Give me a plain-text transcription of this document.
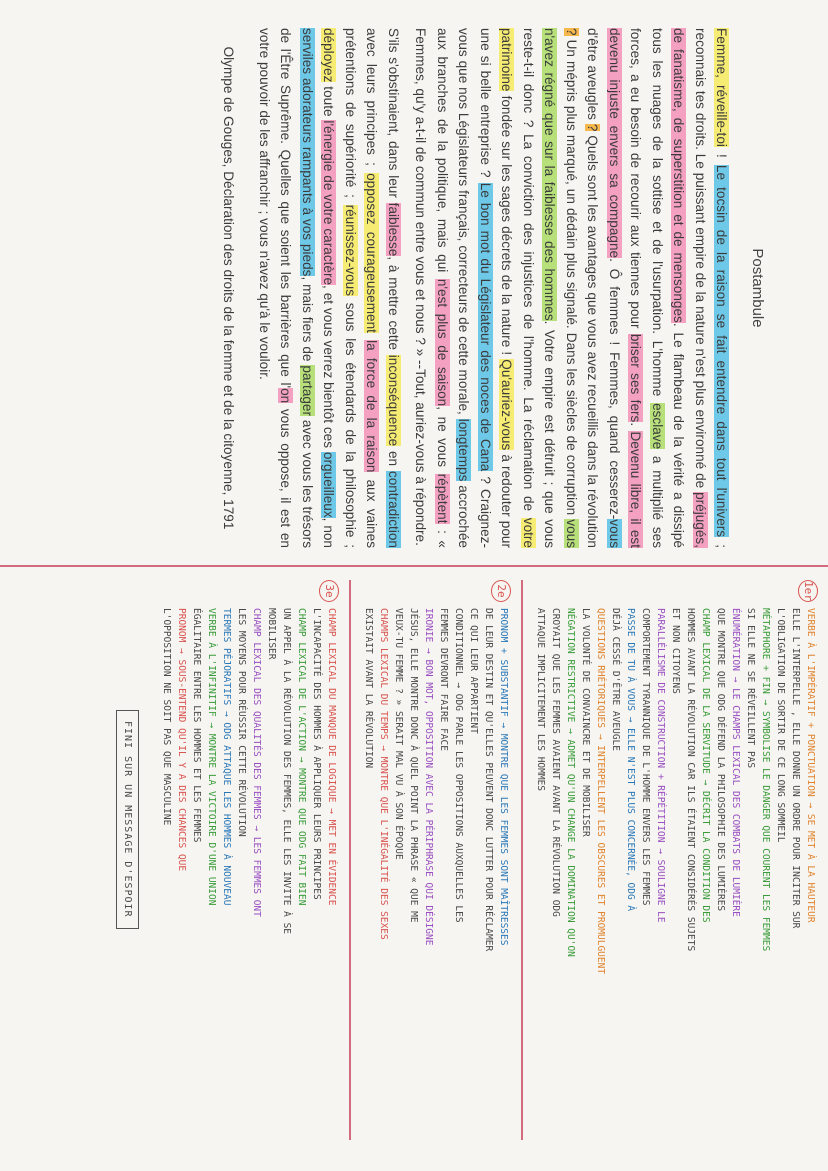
Postambule

Femme, réveille-toi ! Le tocsin de la raison se fait entendre dans tout l'univers ; reconnais tes droits. Le puissant empire de la nature n'est plus environné de préjugés, de fanatisme, de superstition et de mensonges. Le flambeau de la vérité a dissipé tous les nuages de la sottise et de l'usurpation. L'homme esclave a multiplié ses forces, a eu besoin de recourir aux tiennes pour briser ses fers. Devenu libre, il est devenu injuste envers sa compagne. Ô femmes ! Femmes, quand cesserez-vous d'être aveugles ? Quels sont les avantages que vous avez recueillis dans la révolution ? Un mépris plus marqué, un dédain plus signalé. Dans les siècles de corruption vous n'avez régné que sur la faiblesse des hommes. Votre empire est détruit ; que vous reste-t-il donc ? La conviction des injustices de l'homme. La réclamation de votre patrimoine fondée sur les sages décrets de la nature ! Qu'auriez-vous à redouter pour une si belle entreprise ? Le bon mot du Législateur des noces de Cana ? Craignez-vous que nos Législateurs français, correcteurs de cette morale, longtemps accrochée aux branches de la politique, mais qui n'est plus de saison, ne vous répètent : « Femmes, qu'y a-t-il de commun entre vous et nous ? » --Tout, auriez-vous à répondre.

S'ils s'obstinaient, dans leur faiblesse, à mettre cette inconséquence en contradiction avec leurs principes ; opposez courageusement la force de la raison aux vaines prétentions de supériorité ; réunissez-vous sous les étendards de la philosophie ; déployez toute l'énergie de votre caractère, et vous verrez bientôt ces orgueilleux, non serviles adorateurs rampants à vos pieds, mais fiers de partager avec vous les trésors de l'Être Suprême. Quelles que soient les barrières que l'on vous oppose, il est en votre pouvoir de les affranchir ; vous n'avez qu'à le vouloir.

Olympe de Gouges, Déclaration des droits de la femme et de la citoyenne, 1791

1er
VERBE À L'IMPÉRATIF + PONCTUATION → SE MET À LA HAUTEUR
ELLE L'INTERPELLE , ELLE DONNE UN ORDRE POUR INCITER SUR
L'OBLIGATION DE SORTIR DE CE LONG SOMMEIL
MÉTAPHORE + FIN → SYMBOLISE LE DANGER QUE COURENT LES FEMMES
SI ELLE NE SE RÉVEILLENT PAS
ÉNUMÉRATION → LE CHAMPS LEXICAL DES COMBATS DE LUMIÈRE
QUE MONTRE QUE ODG DÉFEND LA PHILOSOPHIE DES LUMIÈRES
CHAMP LEXICAL DE LA SERVITUDE → DÉCRIT LA CONDITION DES
HOMMES AVANT LA RÉVOLUTION CAR ILS ÉTAIENT CONSIDÉRÉS SUJETS
ET NON CITOYENS
PARALLÉLISME DE CONSTRUCTION + RÉPÉTITION → SOULIGNE LE
COMPORTEMENT TYRANNIQUE DE L'HOMME ENVERS LES FEMMES
PASSE DE TU À VOUS → ELLE N'EST PLUS CONCERNÉE, ODG À
DÉJÀ CESSÉ D'ÊTRE AVEUGLE
QUESTIONS RHÉTORIQUES → INTERPELLENT LES OBSCURES ET PROMULGUENT
LA VOLONTÉ DE CONVAINCRE ET DE MOBILISER
NÉGATION RESTRICTIVE → ADMET QU'UN CHANGE LA DOMINATION QU'ON
CROYAIT QUE LES FEMMES AVAIENT AVANT LA RÉVOLUTION ODG
ATTAQUE IMPLICITEMENT LES HOMMES
2e
PRONOM + SUBSTANTIF → MONTRE QUE LES FEMMES SONT MAÎTRESSES
DE LEUR DESTIN ET QU'ELLES PEUVENT DONC LUTTER POUR RÉCLAMER
CE QUI LEUR APPARTIENT
CONDITIONNEL → ODG PARLE LES OPPOSITIONS AUXQUELLES LES
FEMMES DEVRONT FAIRE FACE
IRONIE → BON MOT, OPPOSITION AVEC LA PÉRIPHRASE QUI DÉSIGNE
JÉSUS, ELLE MONTRE DONC À QUEL POINT LA PHRASE « QUE ME
VEUX-TU FEMME ? » SERAIT MAL VU À SON ÉPOQUE
CHAMPS LEXICAL DU TEMPS → MONTRE QUE L'INÉGALITÉ DES SEXES
EXISTAIT AVANT LA RÉVOLUTION
3e
CHAMP LEXICAL DU MANQUE DE LOGIQUE → MET EN ÉVIDENCE
L'INCAPACITÉ DES HOMMES À APPLIQUER LEURS PRINCIPES
CHAMP LEXICAL DE L'ACTION → MONTRE QUE ODG FAIT BIEN
UN APPEL À LA RÉVOLUTION DES FEMMES, ELLE LES INVITE À SE
MOBILISER
CHAMP LEXICAL DES QUALITÉS DES FEMMES → LES FEMMES ONT
LES MOYENS POUR RÉUSSIR CETTE RÉVOLUTION
TERMES PÉJORATIFS → ODG ATTAQUE LES HOMMES À NOUVEAU
VERBE À L'INFINITIF → MONTRE LA VICTOIRE D'UNE UNION
ÉGALITAIRE ENTRE LES HOMMES ET LES FEMMES
PRONOM → SOUS-ENTEND QU'IL Y A DES CHANCES QUE
L'OPPOSITION NE SOIT PAS QUE MASCULINE
FINI SUR UN MESSAGE D'ESPOIR
